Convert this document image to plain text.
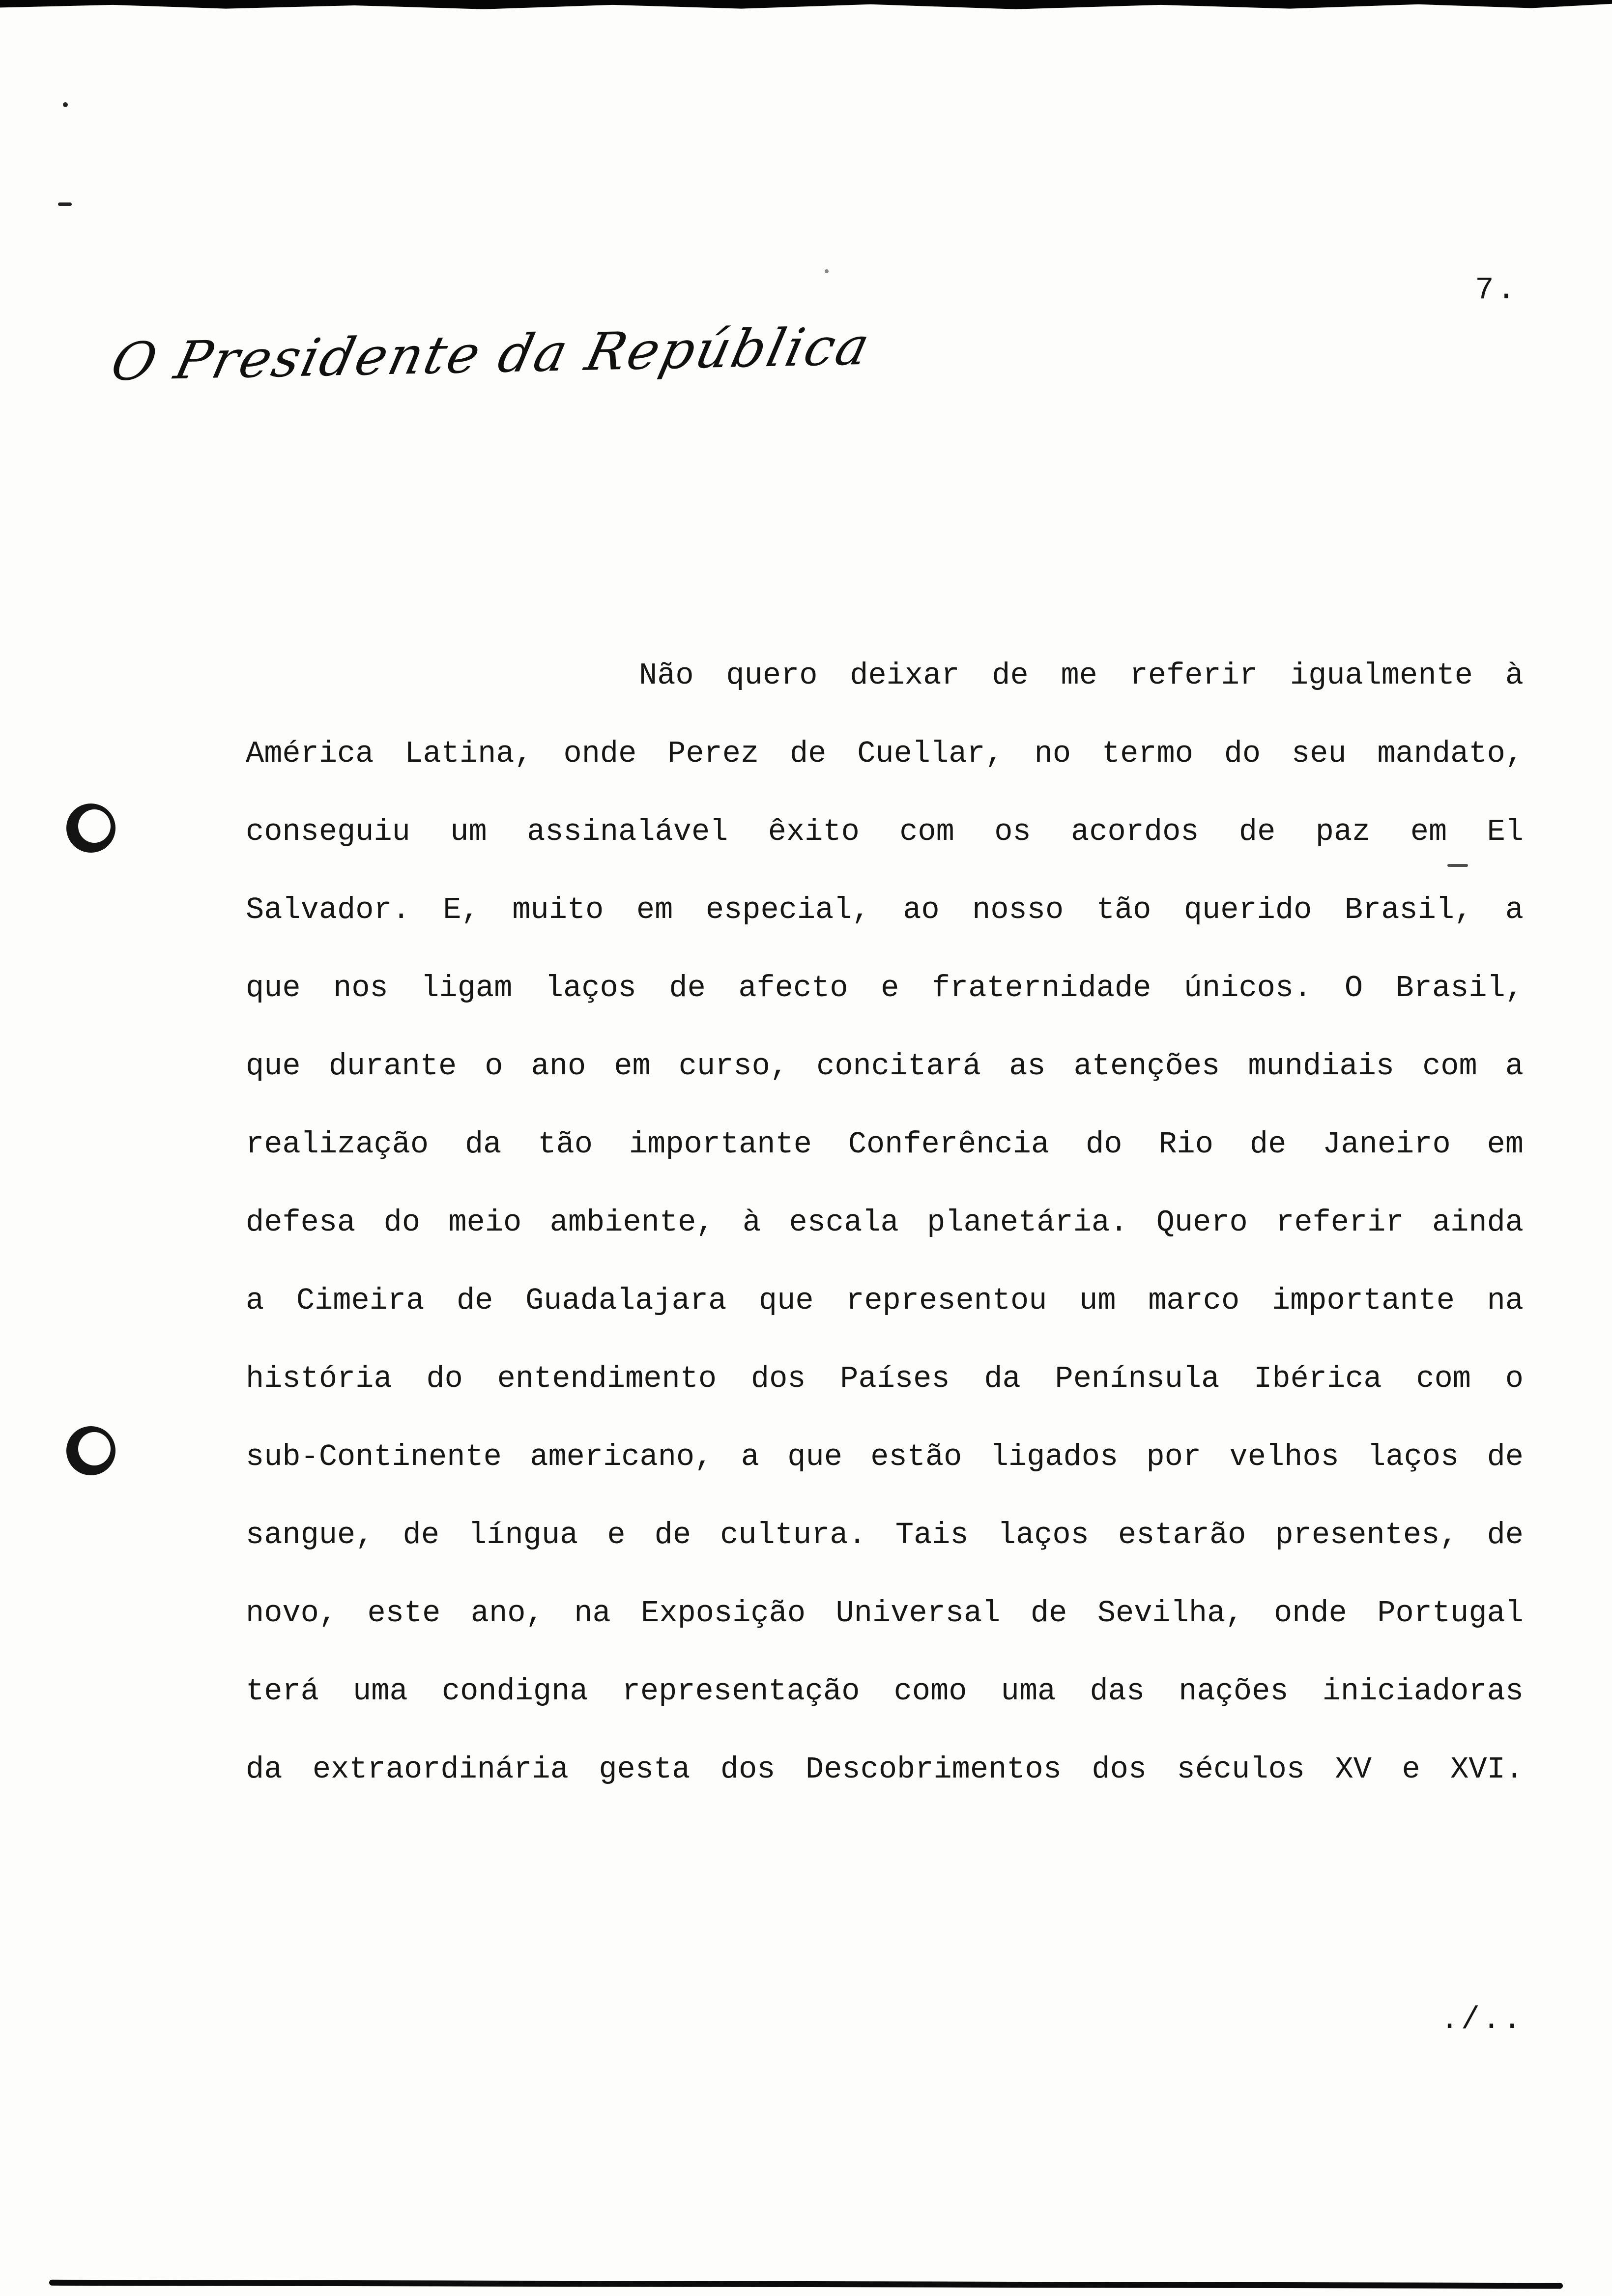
7.
O Presidente da República
Não quero deixar de me referir igualmente à
América Latina, onde Perez de Cuellar, no termo do seu mandato,
conseguiu um assinalável êxito com os acordos de paz em El
Salvador. E, muito em especial, ao nosso tão querido Brasil, a
que nos ligam laços de afecto e fraternidade únicos. O Brasil,
que durante o ano em curso, concitará as atenções mundiais com a
realização da tão importante Conferência do Rio de Janeiro em
defesa do meio ambiente, à escala planetária. Quero referir ainda
a Cimeira de Guadalajara que representou um marco importante na
história do entendimento dos Países da Península Ibérica com o
sub-Continente americano, a que estão ligados por velhos laços de
sangue, de língua e de cultura. Tais laços estarão presentes, de
novo, este ano, na Exposição Universal de Sevilha, onde Portugal
terá uma condigna representação como uma das nações iniciadoras
da extraordinária gesta dos Descobrimentos dos séculos XV e XVI.
./..
